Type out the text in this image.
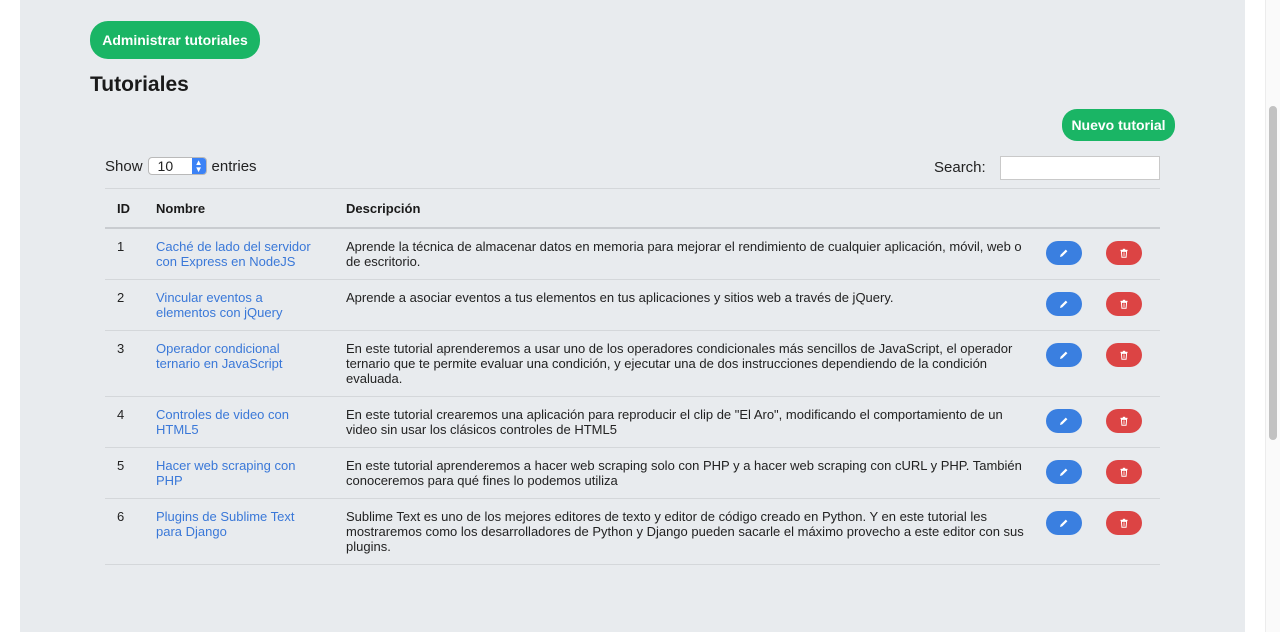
Administrar tutoriales
Tutoriales
Nuevo tutorial
Show	10	▲
▼ entries	Search:
ID	Nombre	Descripción	
1	Caché de lado del servidor con Express en NodeJS	Aprende la técnica de almacenar datos en memoria para mejorar el rendimiento de cualquier aplicación, móvil, web o de escritorio.	

2	Vincular eventos a elementos con jQuery	Aprende a asociar eventos a tus elementos en tus aplicaciones y sitios web a través de jQuery.	

3	Operador condicional ternario en JavaScript	En este tutorial aprenderemos a usar uno de los operadores condicionales más sencillos de JavaScript, el operador ternario que te permite evaluar una condición, y ejecutar una de dos instrucciones dependiendo de la condición evaluada.	

4	Controles de video con HTML5	En este tutorial crearemos una aplicación para reproducir el clip de "El Aro", modificando el comportamiento de un video sin usar los clásicos controles de HTML5	

5	Hacer web scraping con PHP	En este tutorial aprenderemos a hacer web scraping solo con PHP y a hacer web scraping con cURL y PHP. También conoceremos para qué fines lo podemos utiliza	

6	Plugins de Sublime Text para Django	Sublime Text es uno de los mejores editores de texto y editor de código creado en Python. Y en este tutorial les mostraremos como los desarrolladores de Python y Django pueden sacarle el máximo provecho a este editor con sus plugins.	
